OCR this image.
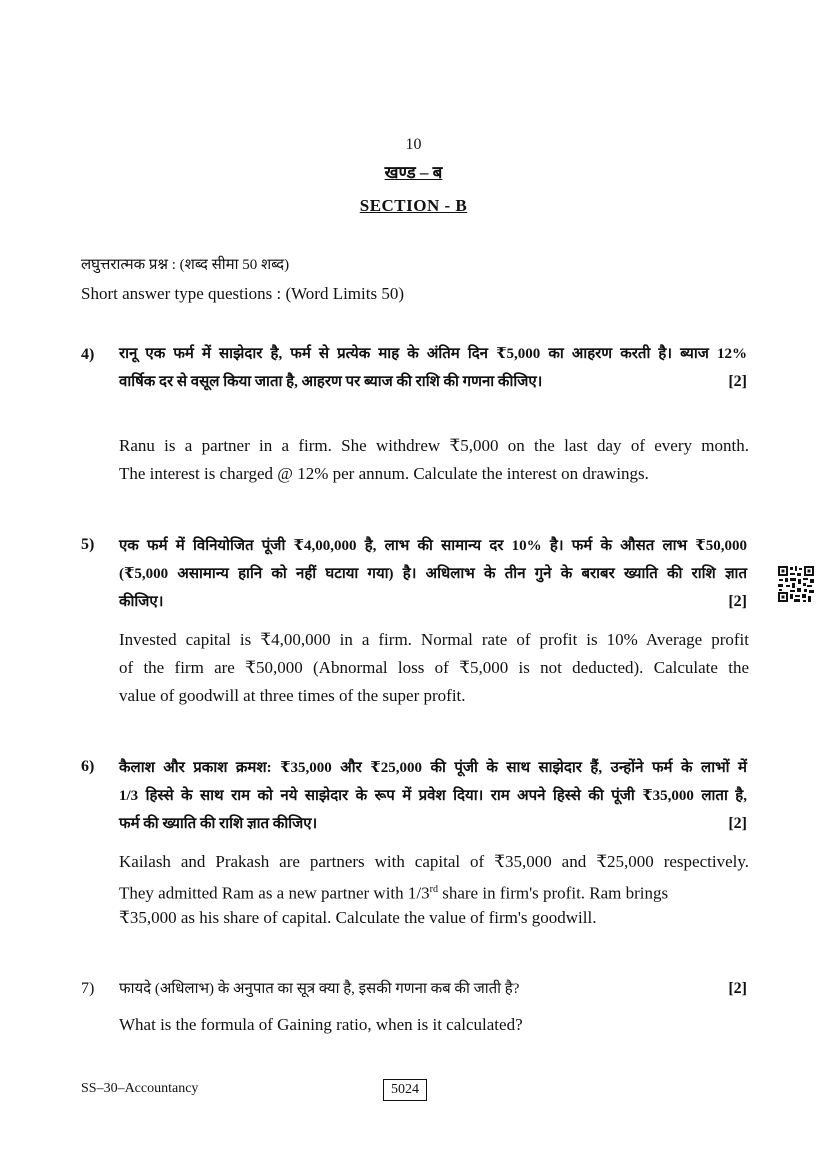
10
खण्ड – ब
SECTION - B
लघुत्तरात्मक प्रश्न : (शब्द सीमा 50 शब्द)
Short answer type questions : (Word Limits 50)
4) रानू एक फर्म में साझेदार है, फर्म से प्रत्येक माह के अंतिम दिन ₹5,000 का आहरण करती है। ब्याज 12%
वार्षिक दर से वसूल किया जाता है, आहरण पर ब्याज की राशि की गणना कीजिए।	[2]
Ranu is a partner in a firm. She withdrew ₹5,000 on the last day of every month.
The interest is charged @ 12% per annum. Calculate the interest on drawings.
5) एक फर्म में विनियोजित पूंजी ₹4,00,000 है, लाभ की सामान्य दर 10% है। फर्म के औसत लाभ ₹50,000
(₹5,000 असामान्य हानि को नहीं घटाया गया) है। अधिलाभ के तीन गुने के बराबर ख्याति की राशि ज्ञात
कीजिए।	[2]
Invested capital is ₹4,00,000 in a firm. Normal rate of profit is 10% Average profit
of the firm are ₹50,000 (Abnormal loss of ₹5,000 is not deducted). Calculate the
value of goodwill at three times of the super profit.
6) कैलाश और प्रकाश क्रमश: ₹35,000 और ₹25,000 की पूंजी के साथ साझेदार हैं, उन्होंने फर्म के लाभों में
1/3 हिस्से के साथ राम को नये साझेदार के रूप में प्रवेश दिया। राम अपने हिस्से की पूंजी ₹35,000 लाता है,
फर्म की ख्याति की राशि ज्ञात कीजिए।	[2]
Kailash and Prakash are partners with capital of ₹35,000 and ₹25,000 respectively.
They admitted Ram as a new partner with 1/3rd share in firm's profit. Ram brings
₹35,000 as his share of capital. Calculate the value of firm's goodwill.
7) फायदे (अधिलाभ) के अनुपात का सूत्र क्या है, इसकी गणना कब की जाती है?	[2]
What is the formula of Gaining ratio, when is it calculated?
SS–30–Accountancy	5024
